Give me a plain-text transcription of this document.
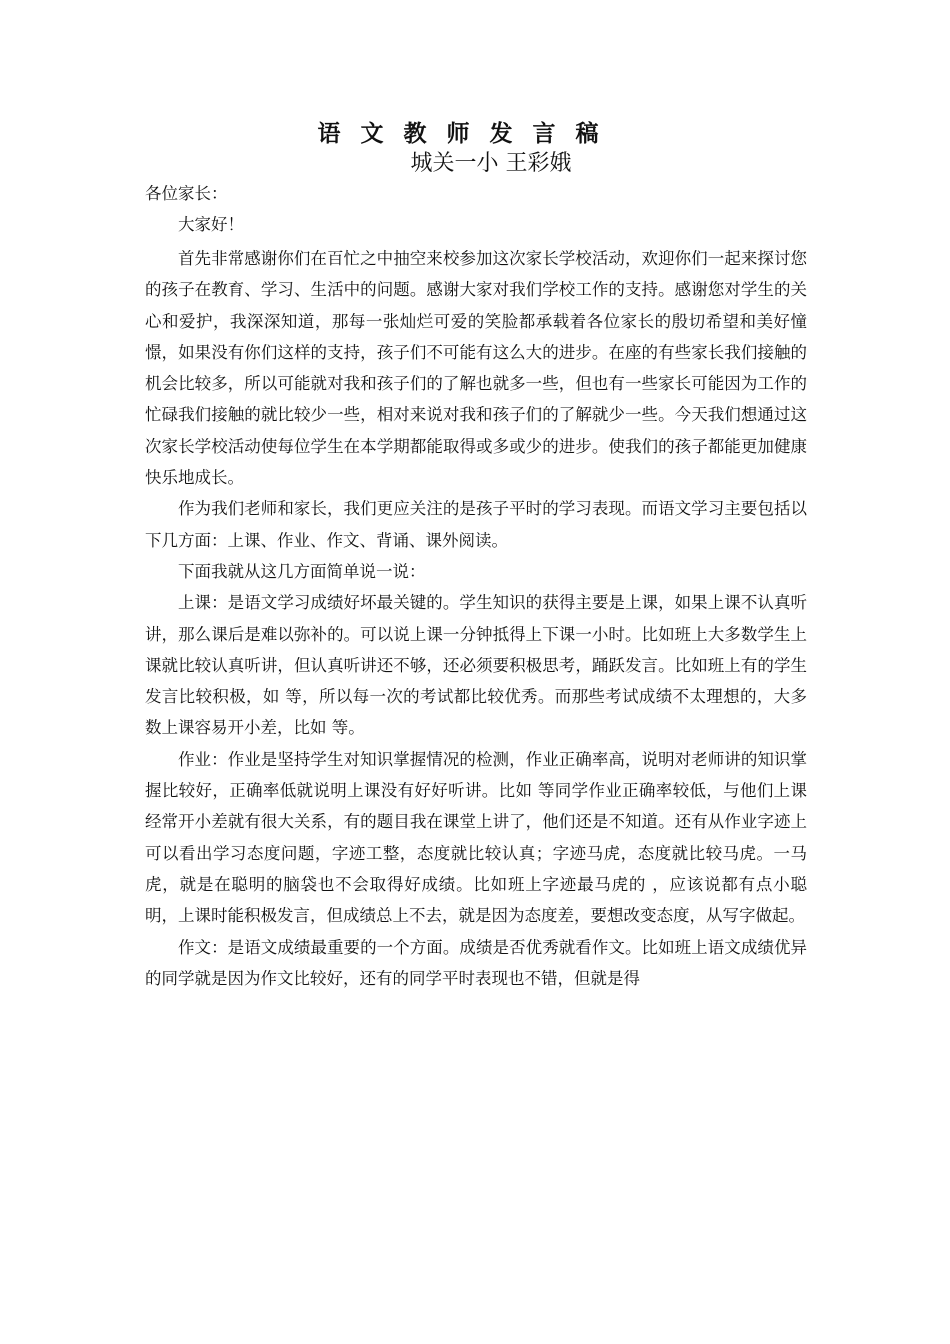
语 文 教 师 发 言 稿

城关一小 王彩娥

各位家长：

大家好！

首先非常感谢你们在百忙之中抽空来校参加这次家长学校活动，欢迎你们一起来探讨您的孩子在教育、学习、生活中的问题。感谢大家对我们学校工作的支持。感谢您对学生的关心和爱护，我深深知道，那每一张灿烂可爱的笑脸都承载着各位家长的殷切希望和美好憧憬，如果没有你们这样的支持，孩子们不可能有这么大的进步。在座的有些家长我们接触的机会比较多，所以可能就对我和孩子们的了解也就多一些，但也有一些家长可能因为工作的忙碌我们接触的就比较少一些，相对来说对我和孩子们的了解就少一些。今天我们想通过这次家长学校活动使每位学生在本学期都能取得或多或少的进步。使我们的孩子都能更加健康快乐地成长。

作为我们老师和家长，我们更应关注的是孩子平时的学习表现。而语文学习主要包括以下几方面：上课、作业、作文、背诵、课外阅读。

下面我就从这几方面简单说一说：

上课：是语文学习成绩好坏最关键的。学生知识的获得主要是上课，如果上课不认真听讲，那么课后是难以弥补的。可以说上课一分钟抵得上下课一小时。比如班上大多数学生上课就比较认真听讲，但认真听讲还不够，还必须要积极思考，踊跃发言。比如班上有的学生发言比较积极，如 等，所以每一次的考试都比较优秀。而那些考试成绩不太理想的，大多数上课容易开小差，比如 等。

作业：作业是坚持学生对知识掌握情况的检测，作业正确率高，说明对老师讲的知识掌握比较好，正确率低就说明上课没有好好听讲。比如 等同学作业正确率较低，与他们上课经常开小差就有很大关系，有的题目我在课堂上讲了，他们还是不知道。还有从作业字迹上可以看出学习态度问题，字迹工整，态度就比较认真；字迹马虎，态度就比较马虎。一马虎，就是在聪明的脑袋也不会取得好成绩。比如班上字迹最马虎的 ，应该说都有点小聪明，上课时能积极发言，但成绩总上不去，就是因为态度差，要想改变态度，从写字做起。

作文：是语文成绩最重要的一个方面。成绩是否优秀就看作文。比如班上语文成绩优异的同学就是因为作文比较好，还有的同学平时表现也不错，但就是得
